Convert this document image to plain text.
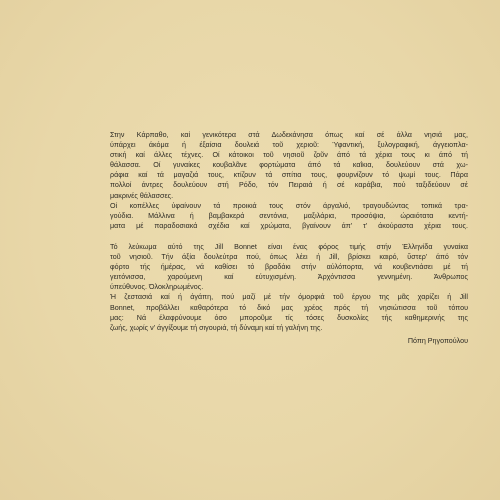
Στην Κάρπαθο, καί γενικότερα στά Δωδεκάνησα όπως καί σέ άλλα νησιά μας,
ύπάρχει άκόμα ή έξαίσια δουλειά τοῦ χεριοῦ: Ύφαντική, ξυλογραφική, άγγειοπλα-
στική καί άλλες τέχνες. Οί κάτοικοι τοῦ νησιοῦ ζοῦν άπό τά χέρια τους κι άπό τή
θάλασσα. Οί γυναίκες κουβαλᾶνε φορτώματα άπό τά καΐκια, δουλεύουν στά χω-
ράφια καί τά μαγαζιά τους, κτίζουν τά σπίτια τους, φουρνίζουν τό ψωμί τους. Πάρα
πολλοί άντρες δουλεύουν στή Ρόδο, τόν Πειραιά ή σέ καράβια, πού ταξιδεύουν σέ
μακρινές θάλασσες.
Οί κοπέλλες ύφαίνουν τά προικιά τους στόν άργαλιό, τραγουδώντας τοπικά τρα-
γούδια. Μάλλινα ή βαμβακερά σεντόνια, μαξιλάρια, προσόψια, ώραιότατα κεντή-
ματα μέ παραδοσιακά σχέδια καί χρώματα, βγαίνουν άπ' τ' άκούραστα χέρια τους.
Τό λεύκωμα αύτό της Jill Bonnet είναι ένας φόρος τιμής στήν Έλληνίδα γυναίκα
τοῦ νησιοῦ. Τήν άξία δουλεύτρα πού, όπως λέει ή Jill, βρίσκει καιρό, ὕστερ' άπό τόν
φόρτο τής ήμέρας, νά καθίσει τό βραδάκι στήν αύλόπορτα, νά κουβεντιάσει μέ τή
γειτόνισσα, χαρούμενη καί εύτυχισμένη. Άρχόντισσα γεννημένη. Άνθρωπος
ύπεύθυνος. Όλοκληρωμένος.
Ή ζεστασιά καί ή άγάπη, πού μαζί μέ τήν όμορφιά τοῦ έργου της μᾶς χαρίζει ή Jill
Bonnet, προβάλλει καθαρότερα τό δικό μας χρέος πρός τή νησιώτισσα τοῦ τόπου
μας: Νά έλαφρύνουμε όσο μποροῦμε τίς τόσες δυσκολίες τής καθημερινής της
ζωής, χωρίς ν' άγγίξουμε τή σιγουριά, τή δύναμη καί τή γαλήνη της.
Πόπη Ρηγοπούλου
